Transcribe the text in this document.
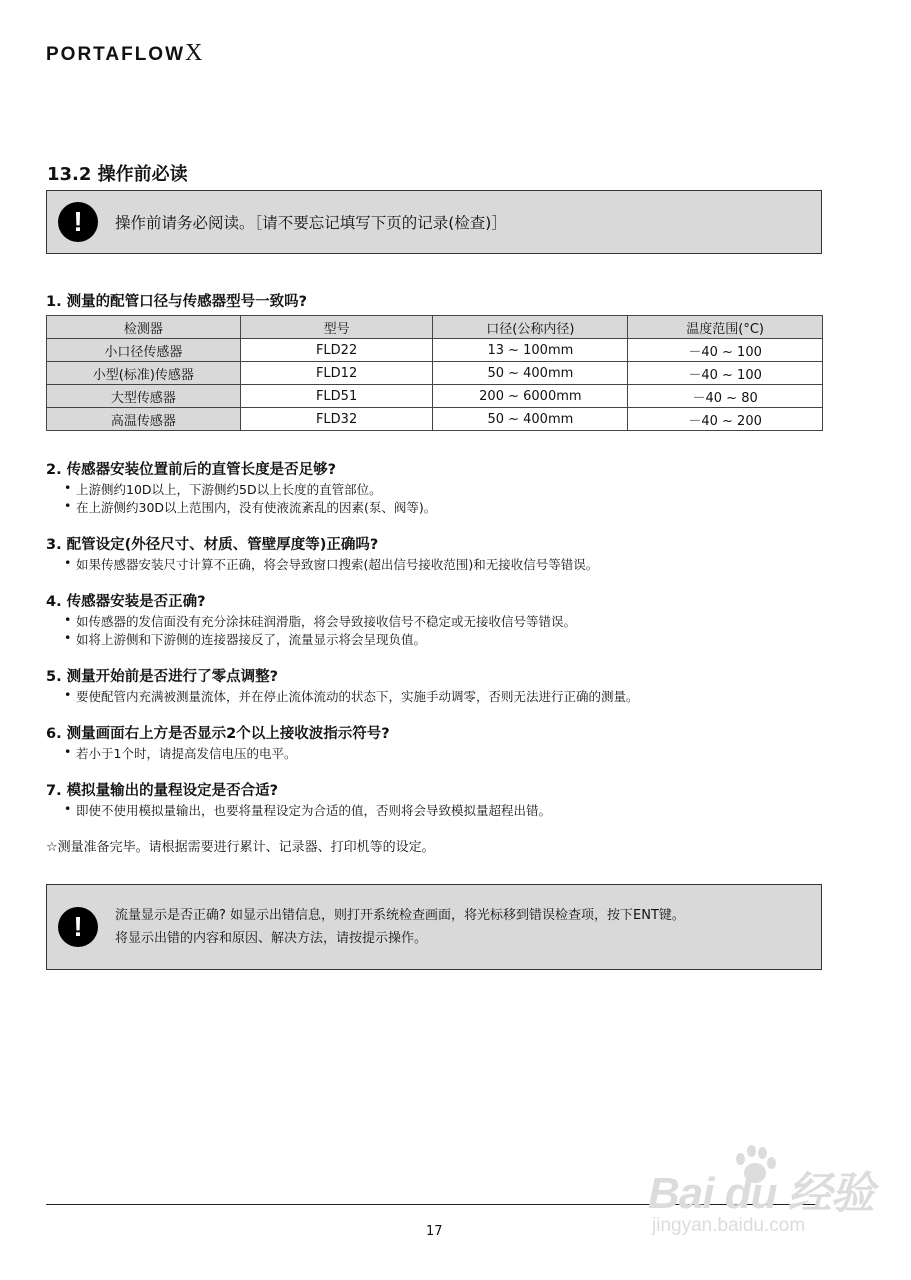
PORTAFLOWX
13.2 操作前必读
!	操作前请务必阅读。［请不要忘记填写下页的记录(检查)］
1. 测量的配管口径与传感器型号一致吗?
检测器	型号	口径(公称内径)	温度范围(°C)
小口径传感器	FLD22	13 ~ 100mm	－40 ~ 100
小型(标准)传感器	FLD12	50 ~ 400mm	－40 ~ 100
大型传感器	FLD51	200 ~ 6000mm	－40 ~ 80
高温传感器	FLD32	50 ~ 400mm	－40 ~ 200
2. 传感器安装位置前后的直管长度是否足够?
• 上游侧约10D以上，下游侧约5D以上长度的直管部位。
• 在上游侧约30D以上范围内，没有使液流紊乱的因素(泵、阀等)。
3. 配管设定(外径尺寸、材质、管壁厚度等)正确吗?
• 如果传感器安装尺寸计算不正确，将会导致窗口搜索(超出信号接收范围)和无接收信号等错误。
4. 传感器安装是否正确?
• 如传感器的发信面没有充分涂抹硅润滑脂，将会导致接收信号不稳定或无接收信号等错误。
• 如将上游侧和下游侧的连接器接反了，流量显示将会呈现负值。
5. 测量开始前是否进行了零点调整?
• 要使配管内充满被测量流体，并在停止流体流动的状态下，实施手动调零，否则无法进行正确的测量。
6. 测量画面右上方是否显示2个以上接收波指示符号?
• 若小于1个时，请提高发信电压的电平。
7. 模拟量输出的量程设定是否合适?
• 即使不使用模拟量输出，也要将量程设定为合适的值，否则将会导致模拟量超程出错。
☆测量准备完毕。请根据需要进行累计、记录器、打印机等的设定。
!	流量显示是否正确? 如显示出错信息，则打开系统检查画面，将光标移到错误检查项，按下ENT键。
将显示出错的内容和原因、解决方法，请按提示操作。
17
Bai du 经验
jingyan.baidu.com
